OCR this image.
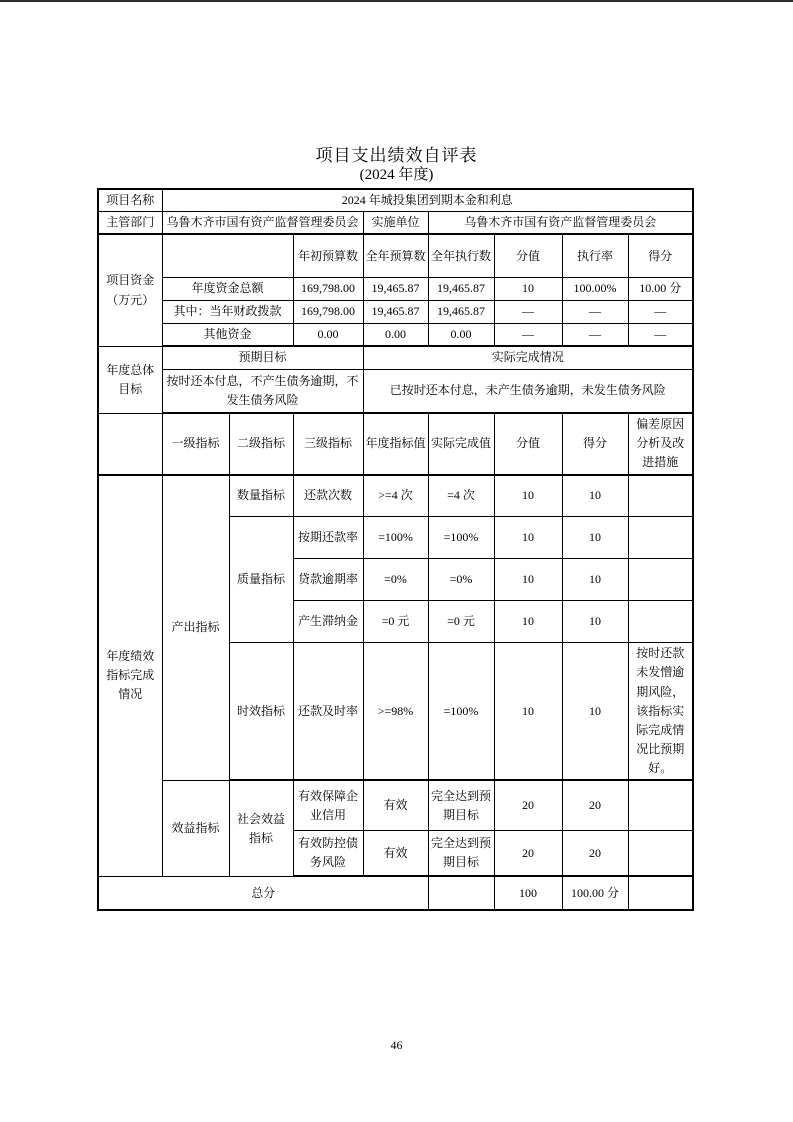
项目支出绩效自评表
(2024 年度)
项目名称	2024 年城投集团到期本金和利息							
主管部门	乌鲁木齐市国有资产监督管理委员会			实施单位	乌鲁木齐市国有资产监督管理委员会			
项目资金（万元）			年初预算数	全年预算数	全年执行数	分值	执行率	得分
	年度资金总额		169,798.00	19,465.87	19,465.87	10	100.00%	10.00 分
	其中：当年财政拨款		169,798.00	19,465.87	19,465.87	—	—	—
	其他资金		0.00	0.00	0.00	—	—	—
年度总体目标	预期目标			实际完成情况				
	按时还本付息，不产生债务逾期，不发生债务风险			已按时还本付息，未产生债务逾期，未发生债务风险				
	一级指标	二级指标	三级指标	年度指标值	实际完成值	分值	得分	偏差原因分析及改进措施
年度绩效指标完成情况	产出指标	数量指标	还款次数	>=4 次	=4 次	10	10	
		质量指标	按期还款率	=100%	=100%	10	10	
			贷款逾期率	=0%	=0%	10	10	
			产生滞纳金	=0 元	=0 元	10	10	
		时效指标	还款及时率	>=98%	=100%	10	10	按时还款未发憎逾期风险，该指标实际完成情况比预期好。
	效益指标	社会效益指标	有效保障企业信用	有效	完全达到预期目标	20	20	
			有效防控债务风险	有效	完全达到预期目标	20	20	
总分						100	100.00 分	
46
